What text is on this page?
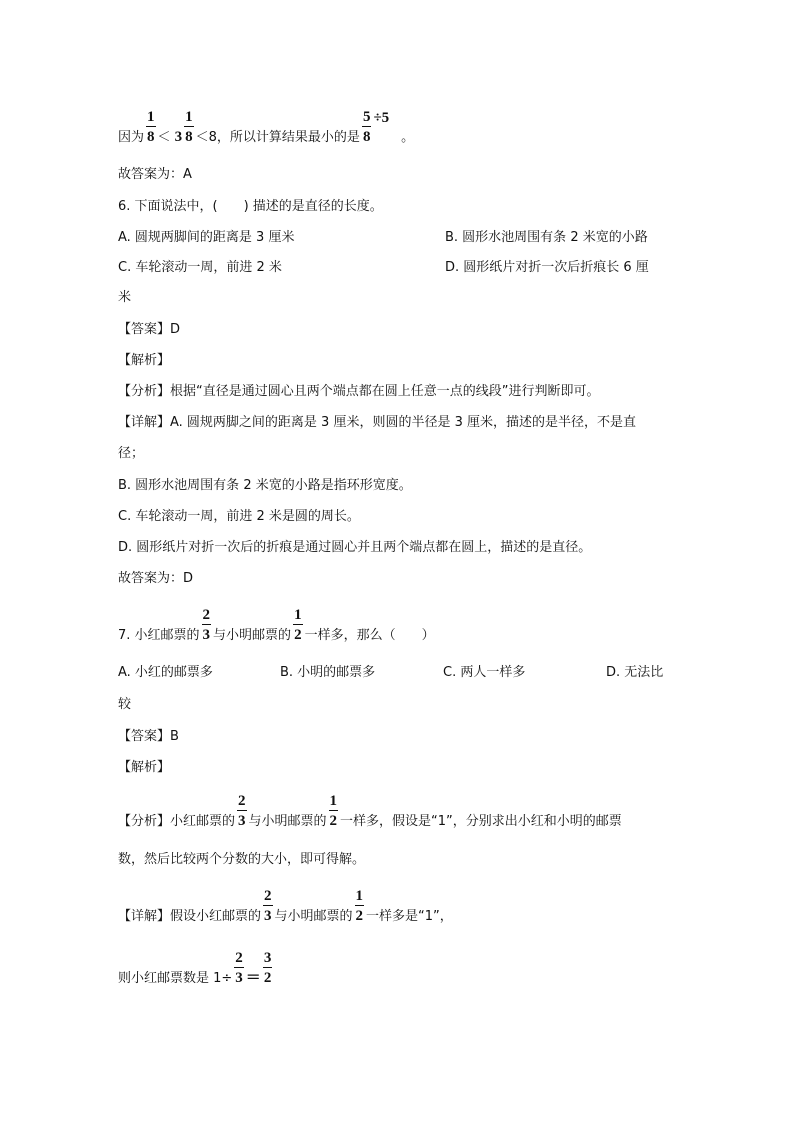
因为 $\frac{1}{8} < 3 \frac{1}{8} <8$，所以计算结果最小的是 $\frac{5}{8} \div 5$。
故答案为：A
6. 下面说法中，(　　) 描述的是直径的长度。
A. 圆规两脚间的距离是 3 厘米	B. 圆形水池周围有条 2 米宽的小路
C. 车轮滚动一周，前进 2 米	D. 圆形纸片对折一次后折痕长 6 厘
米
【答案】D
【解析】
【分析】根据“直径是通过圆心且两个端点都在圆上任意一点的线段”进行判断即可。
【详解】A. 圆规两脚之间的距离是 3 厘米，则圆的半径是 3 厘米，描述的是半径，不是直
径；
B. 圆形水池周围有条 2 米宽的小路是指环形宽度。
C. 车轮滚动一周，前进 2 米是圆的周长。
D. 圆形纸片对折一次后的折痕是通过圆心并且两个端点都在圆上，描述的是直径。
故答案为：D
7. 小红邮票的 $\frac{2}{3}$ 与小明邮票的 $\frac{1}{2}$ 一样多，那么（　　）
A. 小红的邮票多	B. 小明的邮票多	C. 两人一样多	D. 无法比
较
【答案】B
【解析】
【分析】小红邮票的 $\frac{2}{3}$ 与小明邮票的 $\frac{1}{2}$ 一样多，假设是“1”，分别求出小红和小明的邮票
数，然后比较两个分数的大小，即可得解。
【详解】假设小红邮票的 $\frac{2}{3}$ 与小明邮票的 $\frac{1}{2}$ 一样多是“1”，
则小红邮票数是 $1\div \frac{2}{3} = \frac{3}{2}$
